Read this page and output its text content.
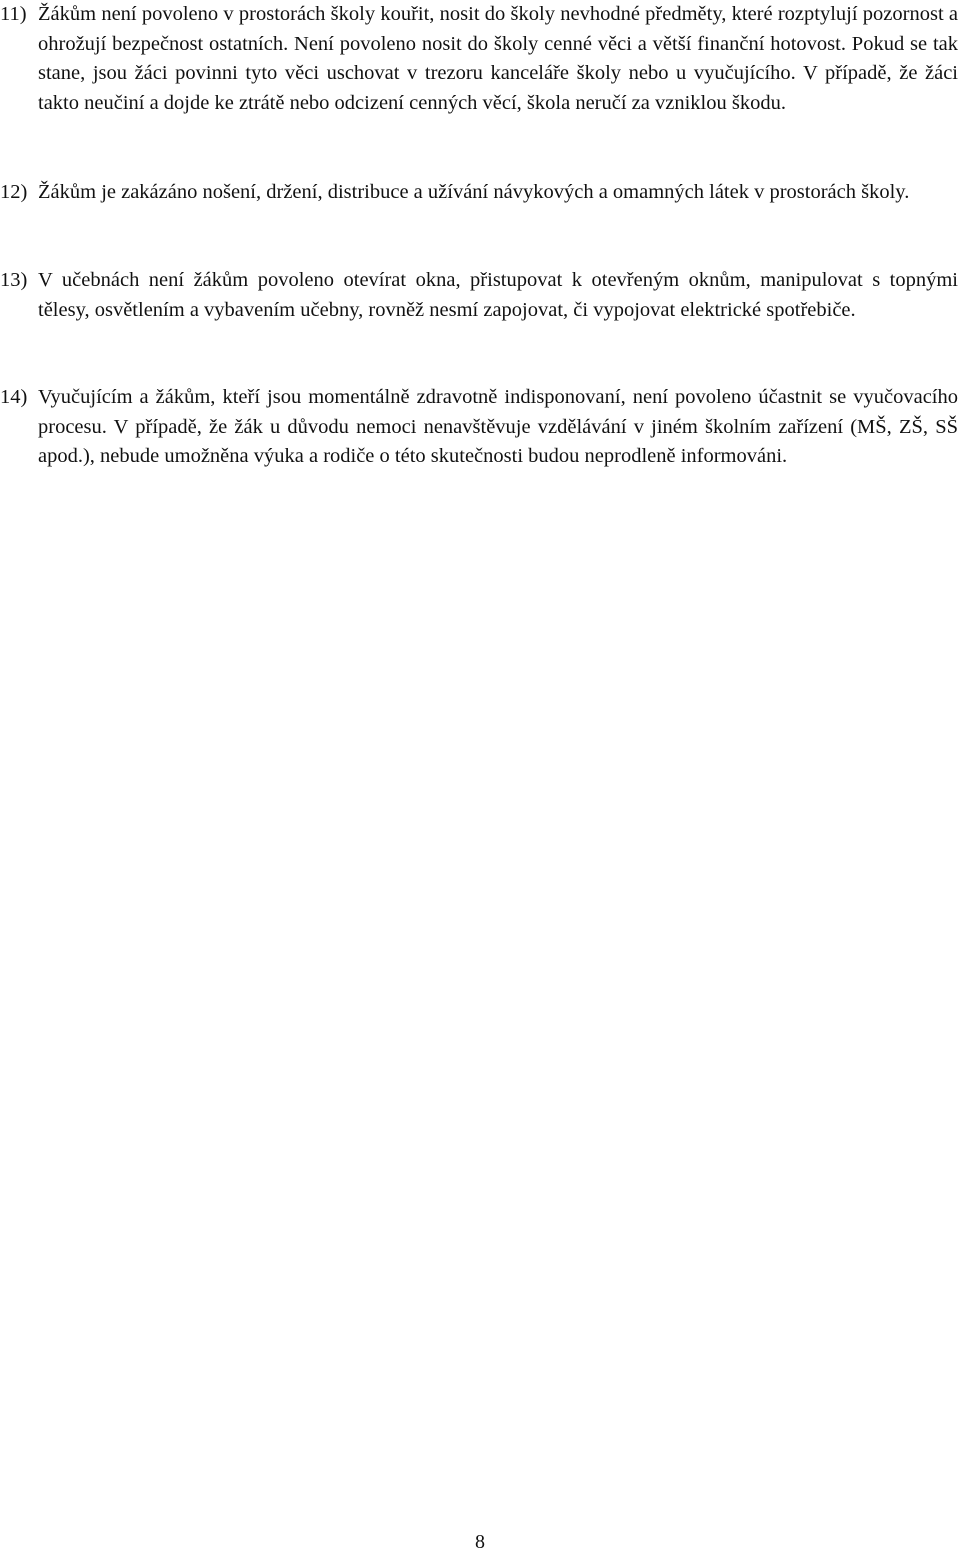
11) Žákům není povoleno v prostorách školy kouřit, nosit do školy nevhodné předměty, které rozptylují pozornost a ohrožují bezpečnost ostatních. Není povoleno nosit do školy cenné věci a větší finanční hotovost. Pokud se tak stane, jsou žáci povinni tyto věci uschovat v trezoru kanceláře školy nebo u vyučujícího. V případě, že žáci takto neučiní a dojde ke ztrátě nebo odcizení cenných věcí, škola neručí za vzniklou škodu.
12) Žákům je zakázáno nošení, držení, distribuce a užívání návykových a omamných látek v prostorách školy.
13) V učebnách není žákům povoleno otevírat okna, přistupovat k otevřeným oknům, manipulovat s topnými tělesy, osvětlením a vybavením učebny, rovněž nesmí zapojovat, či vypojovat elektrické spotřebiče.
14) Vyučujícím a žákům, kteří jsou momentálně zdravotně indisponovaní, není povoleno účastnit se vyučovacího procesu. V případě, že žák u důvodu nemoci nenavštěvuje vzdělávání v jiném školním zařízení (MŠ, ZŠ, SŠ apod.), nebude umožněna výuka a rodiče o této skutečnosti budou neprodleně informováni.
8
